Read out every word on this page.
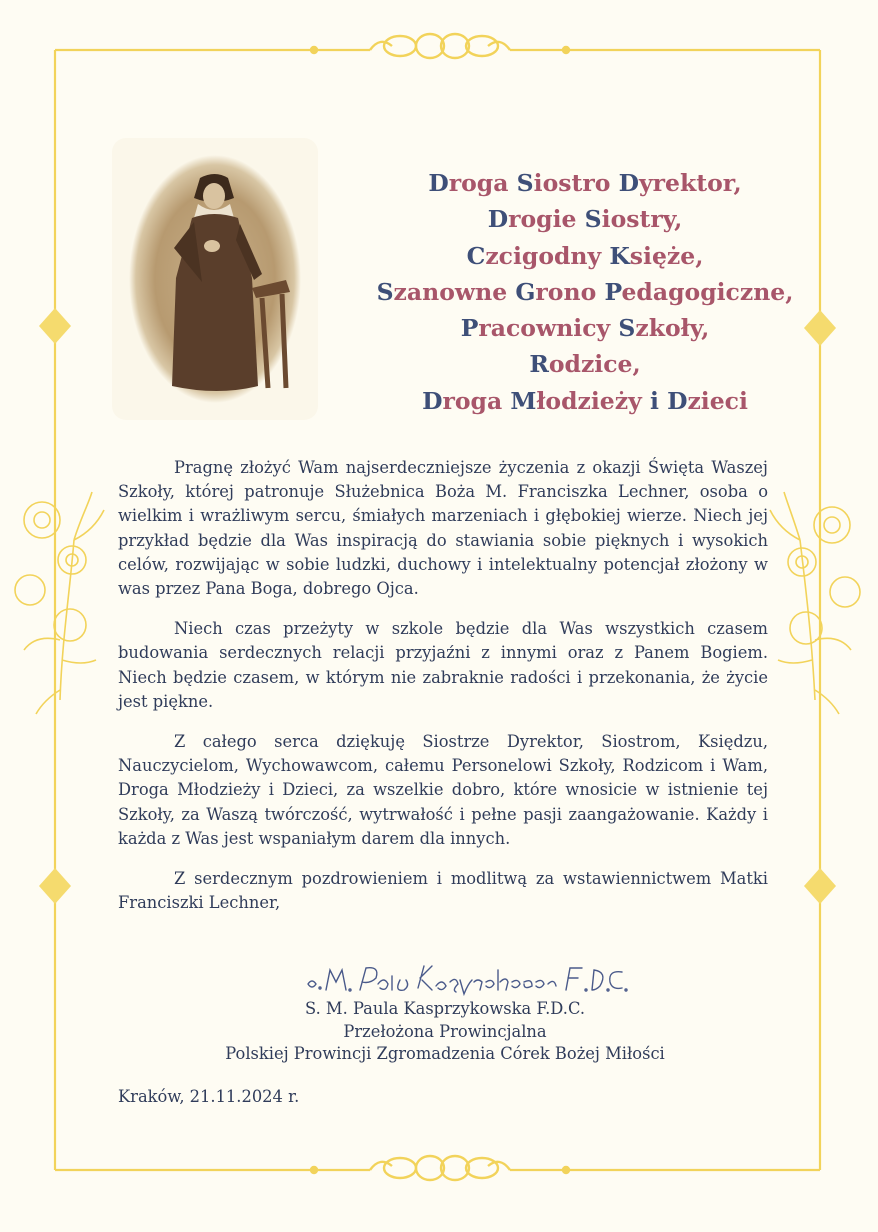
Droga Siostro Dyrektor,
Drogie Siostry,
Czcigodny Księże,
Szanowne Grono Pedagogiczne,
Pracownicy Szkoły,
Rodzice,
Droga Młodzieży i Dzieci

Pragnę złożyć Wam najserdeczniejsze życzenia z okazji Święta Waszej Szkoły, której patronuje Służebnica Boża M. Franciszka Lechner, osoba o wielkim i wrażliwym sercu, śmiałych marzeniach i głębokiej wierze. Niech jej przykład będzie dla Was inspiracją do stawiania sobie pięknych i wysokich celów, rozwijając w sobie ludzki, duchowy i intelektualny potencjał złożony w was przez Pana Boga, dobrego Ojca.

Niech czas przeżyty w szkole będzie dla Was wszystkich czasem budowania serdecznych relacji przyjaźni z innymi oraz z Panem Bogiem. Niech będzie czasem, w którym nie zabraknie radości i przekonania, że życie jest piękne.

Z całego serca dziękuję Siostrze Dyrektor, Siostrom, Księdzu, Nauczycielom, Wychowawcom, całemu Personelowi Szkoły, Rodzicom i Wam, Droga Młodzieży i Dzieci, za wszelkie dobro, które wnosicie w istnienie tej Szkoły, za Waszą twórczość, wytrwałość i pełne pasji zaangażowanie. Każdy i każda z Was jest wspaniałym darem dla innych.

Z serdecznym pozdrowieniem i modlitwą za wstawiennictwem Matki Franciszki Lechner,

S. M. Paula Kasprzykowska F.D.C.
Przełożona Prowincjalna
Polskiej Prowincji Zgromadzenia Córek Bożej Miłości
Kraków, 21.11.2024 r.
